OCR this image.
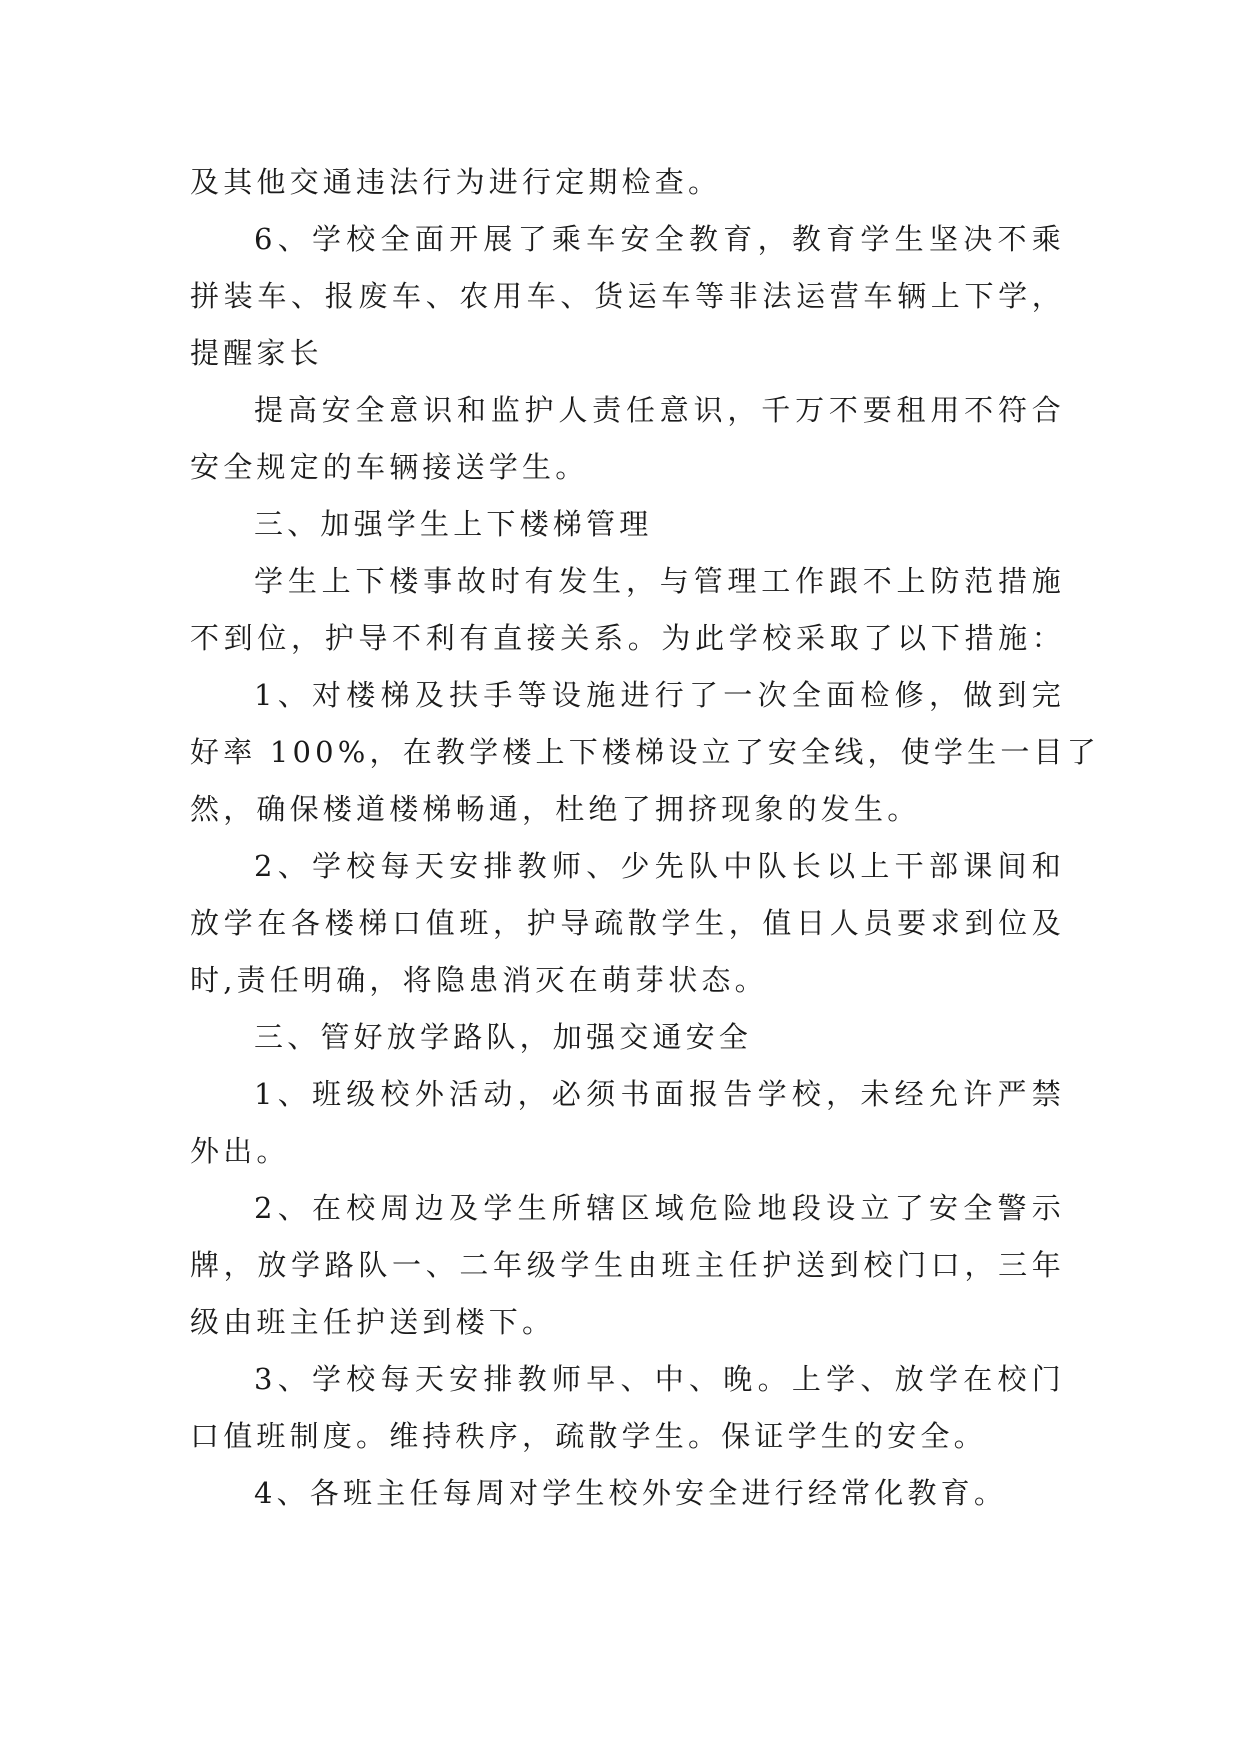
及其他交通违法行为进行定期检查。
6、学校全面开展了乘车安全教育，教育学生坚决不乘
拼装车、报废车、农用车、货运车等非法运营车辆上下学，
提醒家长
提高安全意识和监护人责任意识，千万不要租用不符合
安全规定的车辆接送学生。
三、加强学生上下楼梯管理
学生上下楼事故时有发生，与管理工作跟不上防范措施
不到位，护导不利有直接关系。为此学校采取了以下措施：
1、对楼梯及扶手等设施进行了一次全面检修，做到完
好率 100%，在教学楼上下楼梯设立了安全线，使学生一目了
然，确保楼道楼梯畅通，杜绝了拥挤现象的发生。
2、学校每天安排教师、少先队中队长以上干部课间和
放学在各楼梯口值班，护导疏散学生，值日人员要求到位及
时,责任明确，将隐患消灭在萌芽状态。
三、管好放学路队，加强交通安全
1、班级校外活动，必须书面报告学校，未经允许严禁
外出。
2、在校周边及学生所辖区域危险地段设立了安全警示
牌，放学路队一、二年级学生由班主任护送到校门口，三年
级由班主任护送到楼下。
3、学校每天安排教师早、中、晚。上学、放学在校门
口值班制度。维持秩序，疏散学生。保证学生的安全。
4、各班主任每周对学生校外安全进行经常化教育。
